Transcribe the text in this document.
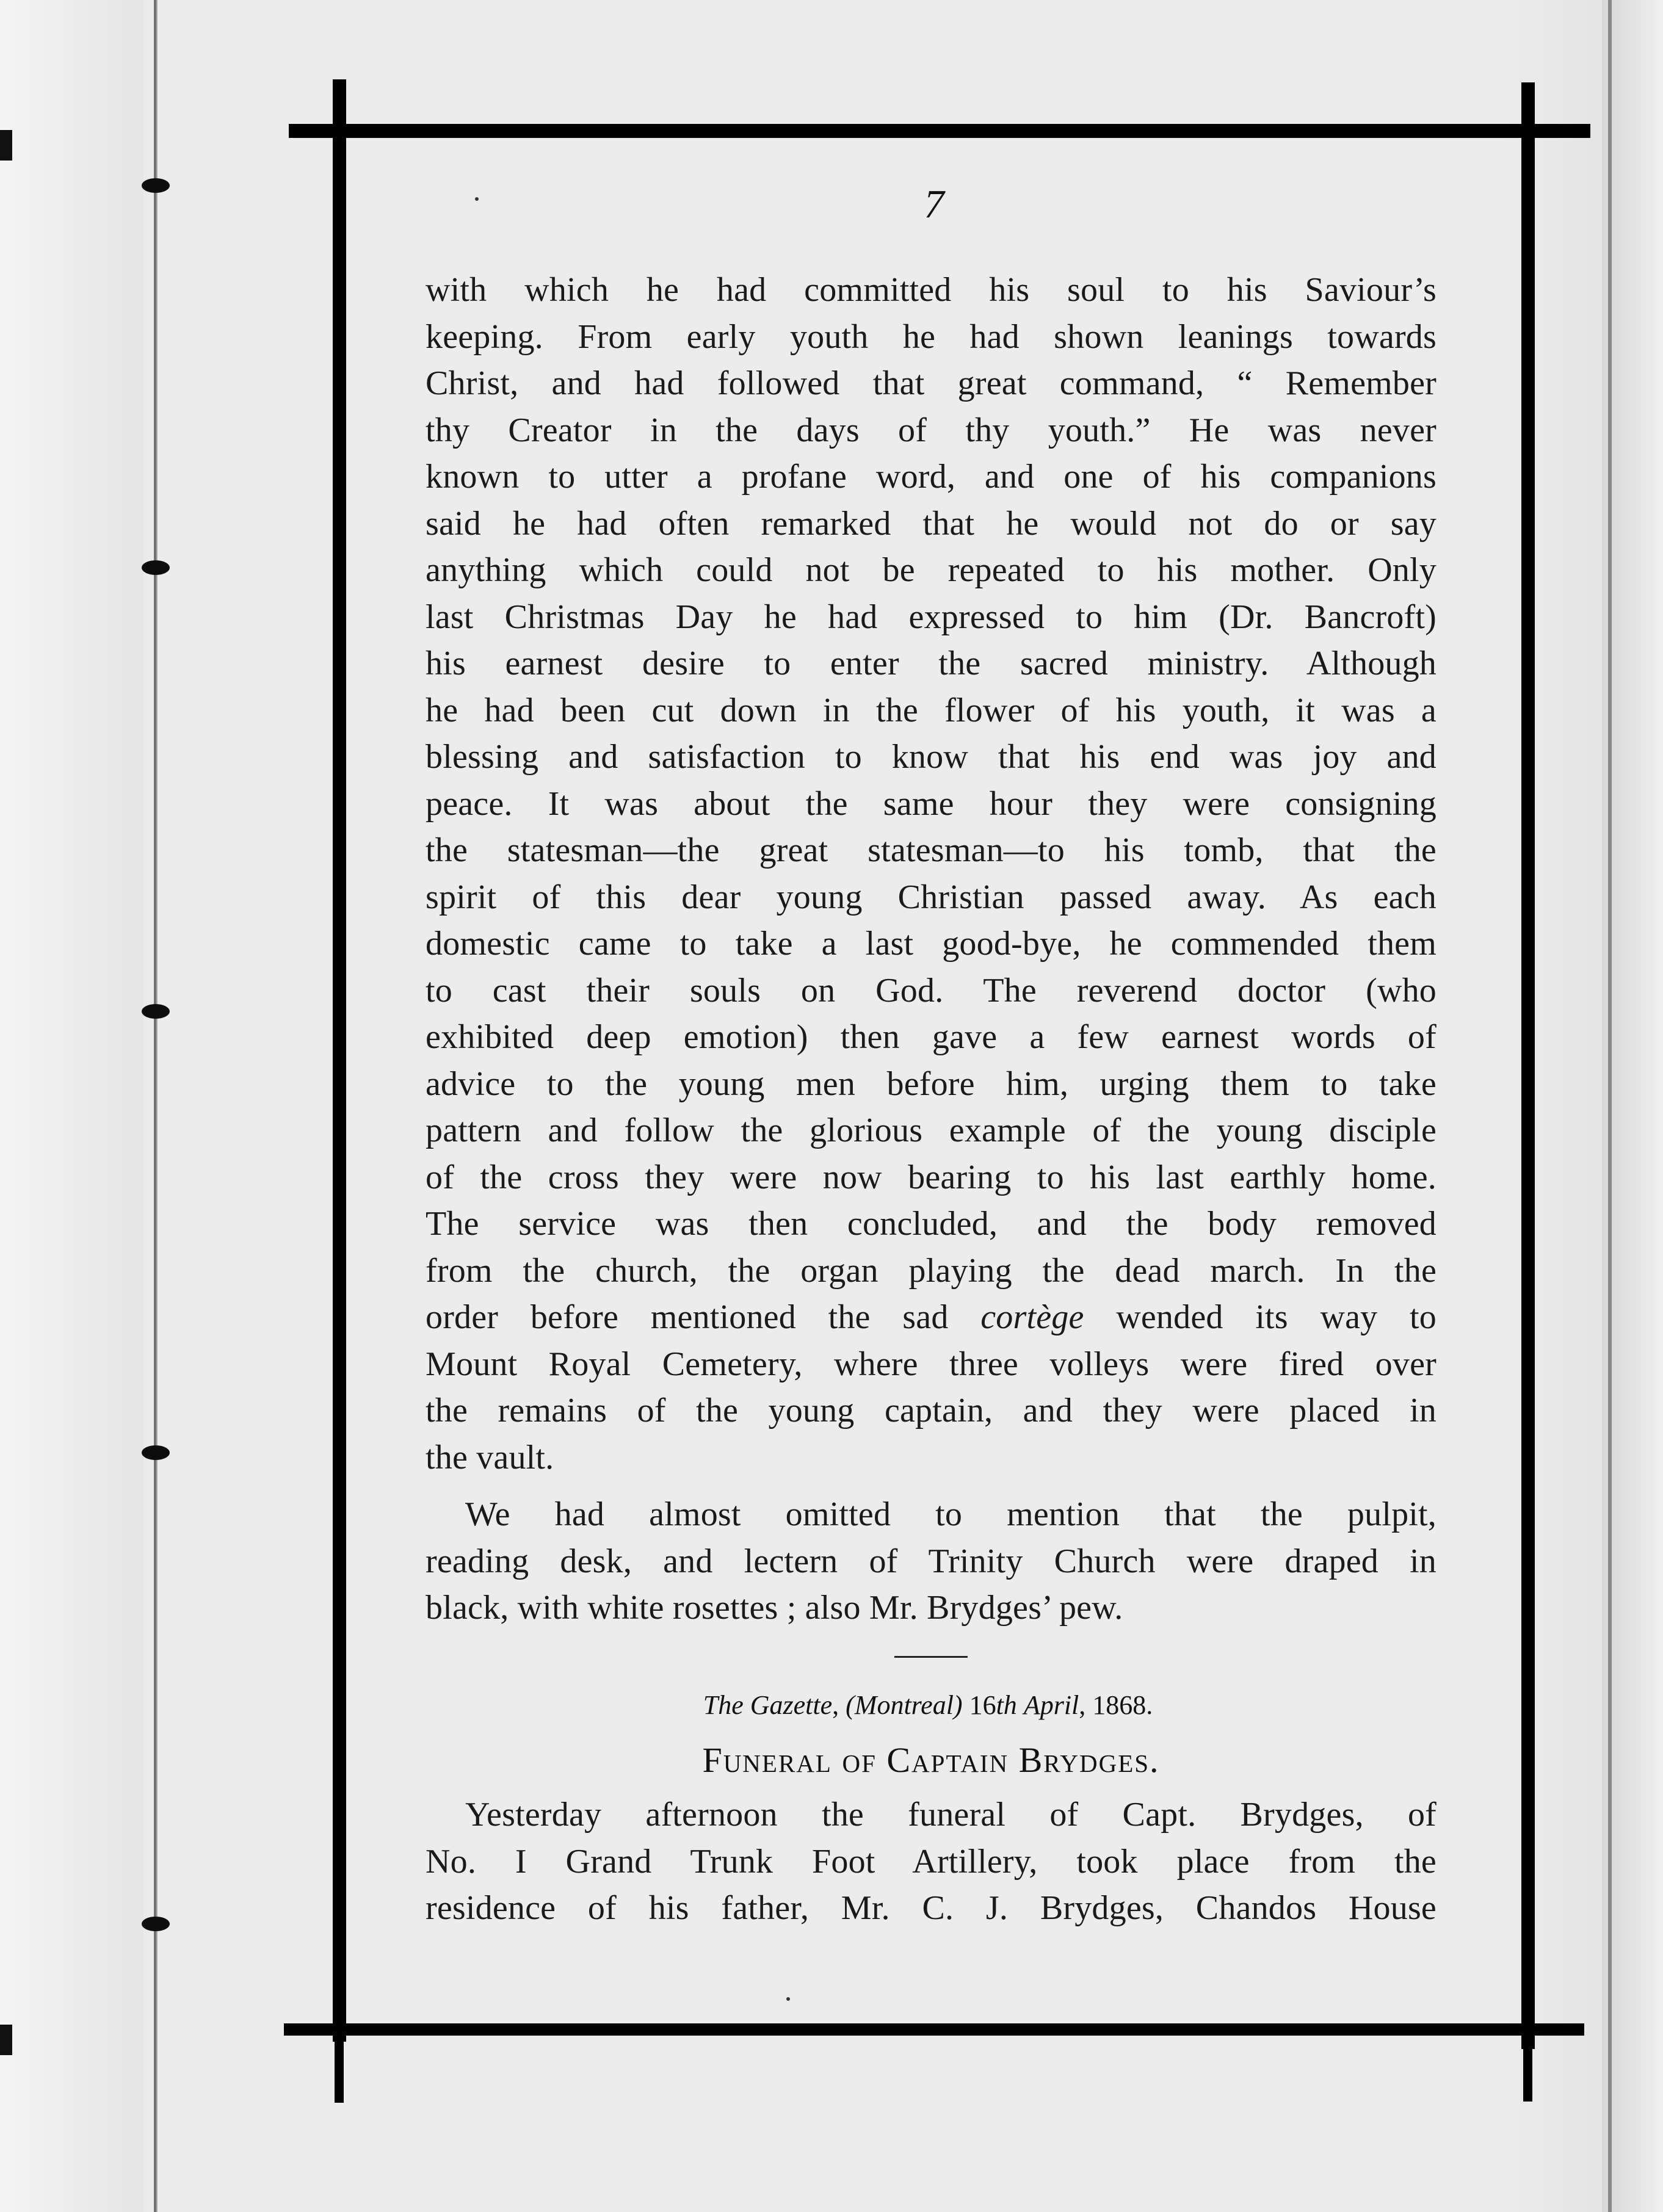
7
with which he had committed his soul to his Saviour’s
keeping. From early youth he had shown leanings towards
Christ, and had followed that great command, “ Remember
thy Creator in the days of thy youth.” He was never
known to utter a profane word, and one of his companions
said he had often remarked that he would not do or say
anything which could not be repeated to his mother. Only
last Christmas Day he had expressed to him (Dr. Bancroft)
his earnest desire to enter the sacred ministry. Although
he had been cut down in the flower of his youth, it was a
blessing and satisfaction to know that his end was joy and
peace. It was about the same hour they were consigning
the statesman—the great statesman—to his tomb, that the
spirit of this dear young Christian passed away. As each
domestic came to take a last good-bye, he commended them
to cast their souls on God. The reverend doctor (who
exhibited deep emotion) then gave a few earnest words of
advice to the young men before him, urging them to take
pattern and follow the glorious example of the young disciple
of the cross they were now bearing to his last earthly home.
The service was then concluded, and the body removed
from the church, the organ playing the dead march. In the
order before mentioned the sad cortège wended its way to
Mount Royal Cemetery, where three volleys were fired over
the remains of the young captain, and they were placed in
the vault.
We had almost omitted to mention that the pulpit,
reading desk, and lectern of Trinity Church were draped in
black, with white rosettes ; also Mr. Brydges’ pew.
The Gazette, (Montreal) 16th April, 1868.
Funeral of Captain Brydges.
Yesterday afternoon the funeral of Capt. Brydges, of
No. I Grand Trunk Foot Artillery, took place from the
residence of his father, Mr. C. J. Brydges, Chandos House
